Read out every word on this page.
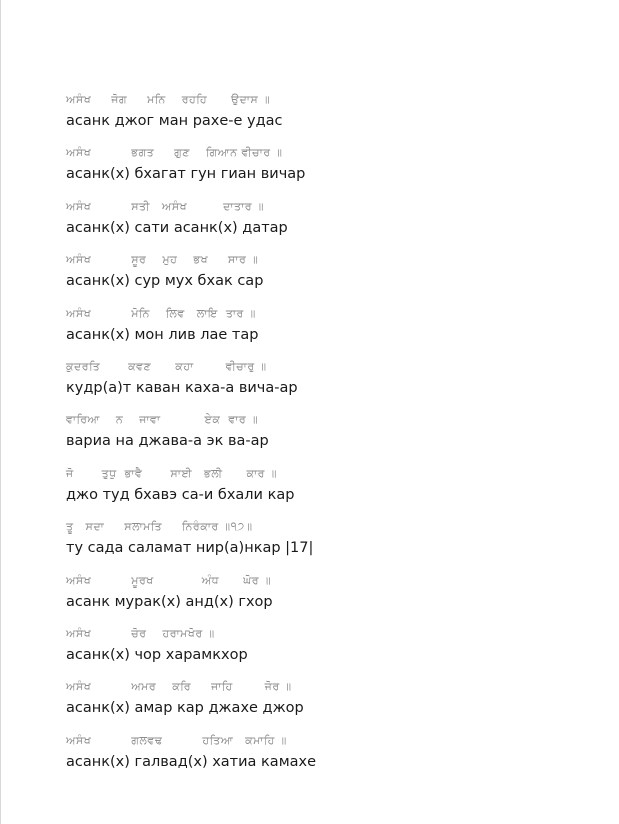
ਅਸੰਖ     ਜੋਗ     ਮਨਿ    ਰਹਹਿ      ਉਦਾਸ ॥
асанк джог ман рахе-е удас
ਅਸੰਖ          ਭਗਤ     ਗੁਣ    ਗਿਆਨ ਵੀਚਾਰ ॥
асанк(х) бхагат гун гиан вичар
ਅਸੰਖ          ਸਤੀ   ਅਸੰਖ         ਦਾਤਾਰ ॥
асанк(х) сати асанк(х) датар
ਅਸੰਖ          ਸੂਰ    ਮੁਹ    ਭਖ     ਸਾਰ ॥
асанк(х) сур мух бхак сар
ਅਸੰਖ          ਮੋਨਿ    ਲਿਵ   ਲਾਇ  ਤਾਰ ॥
асанк(х) мон лив лае тар
ਕੁਦਰਤਿ       ਕਵਣ      ਕਹਾ        ਵੀਚਾਰੁ ॥
кудр(а)т каван каха-а вича-ар
ਵਾਰਿਆ    ਨ    ਜਾਵਾ           ਏਕ  ਵਾਰ ॥
вариа на джава-а эк ва-ар
ਜੋ       ਤੁਧੁ  ਭਾਵੈ       ਸਾਈ   ਭਲੀ      ਕਾਰ ॥
джо туд бхавэ са-и бхали кар
ਤੂ   ਸਦਾ     ਸਲਾਮਤਿ     ਨਿਰੰਕਾਰ ॥੧੭॥
ту сада саламат нир(а)нкар |17|
ਅਸੰਖ          ਮੂਰਖ            ਅੰਧ      ਘੋਰ ॥
асанк мурак(х) анд(х) гхор
ਅਸੰਖ          ਚੋਰ    ਹਰਾਮਖੋਰ ॥
асанк(х) чор харамкхор
ਅਸੰਖ          ਅਮਰ    ਕਰਿ     ਜਾਹਿ        ਜੋਰ ॥
асанк(х) амар кар джахе джор
ਅਸੰਖ          ਗਲਵਢ          ਹਤਿਆ   ਕਮਾਹਿ ॥
асанк(х) галвад(х) хатиа камахе
